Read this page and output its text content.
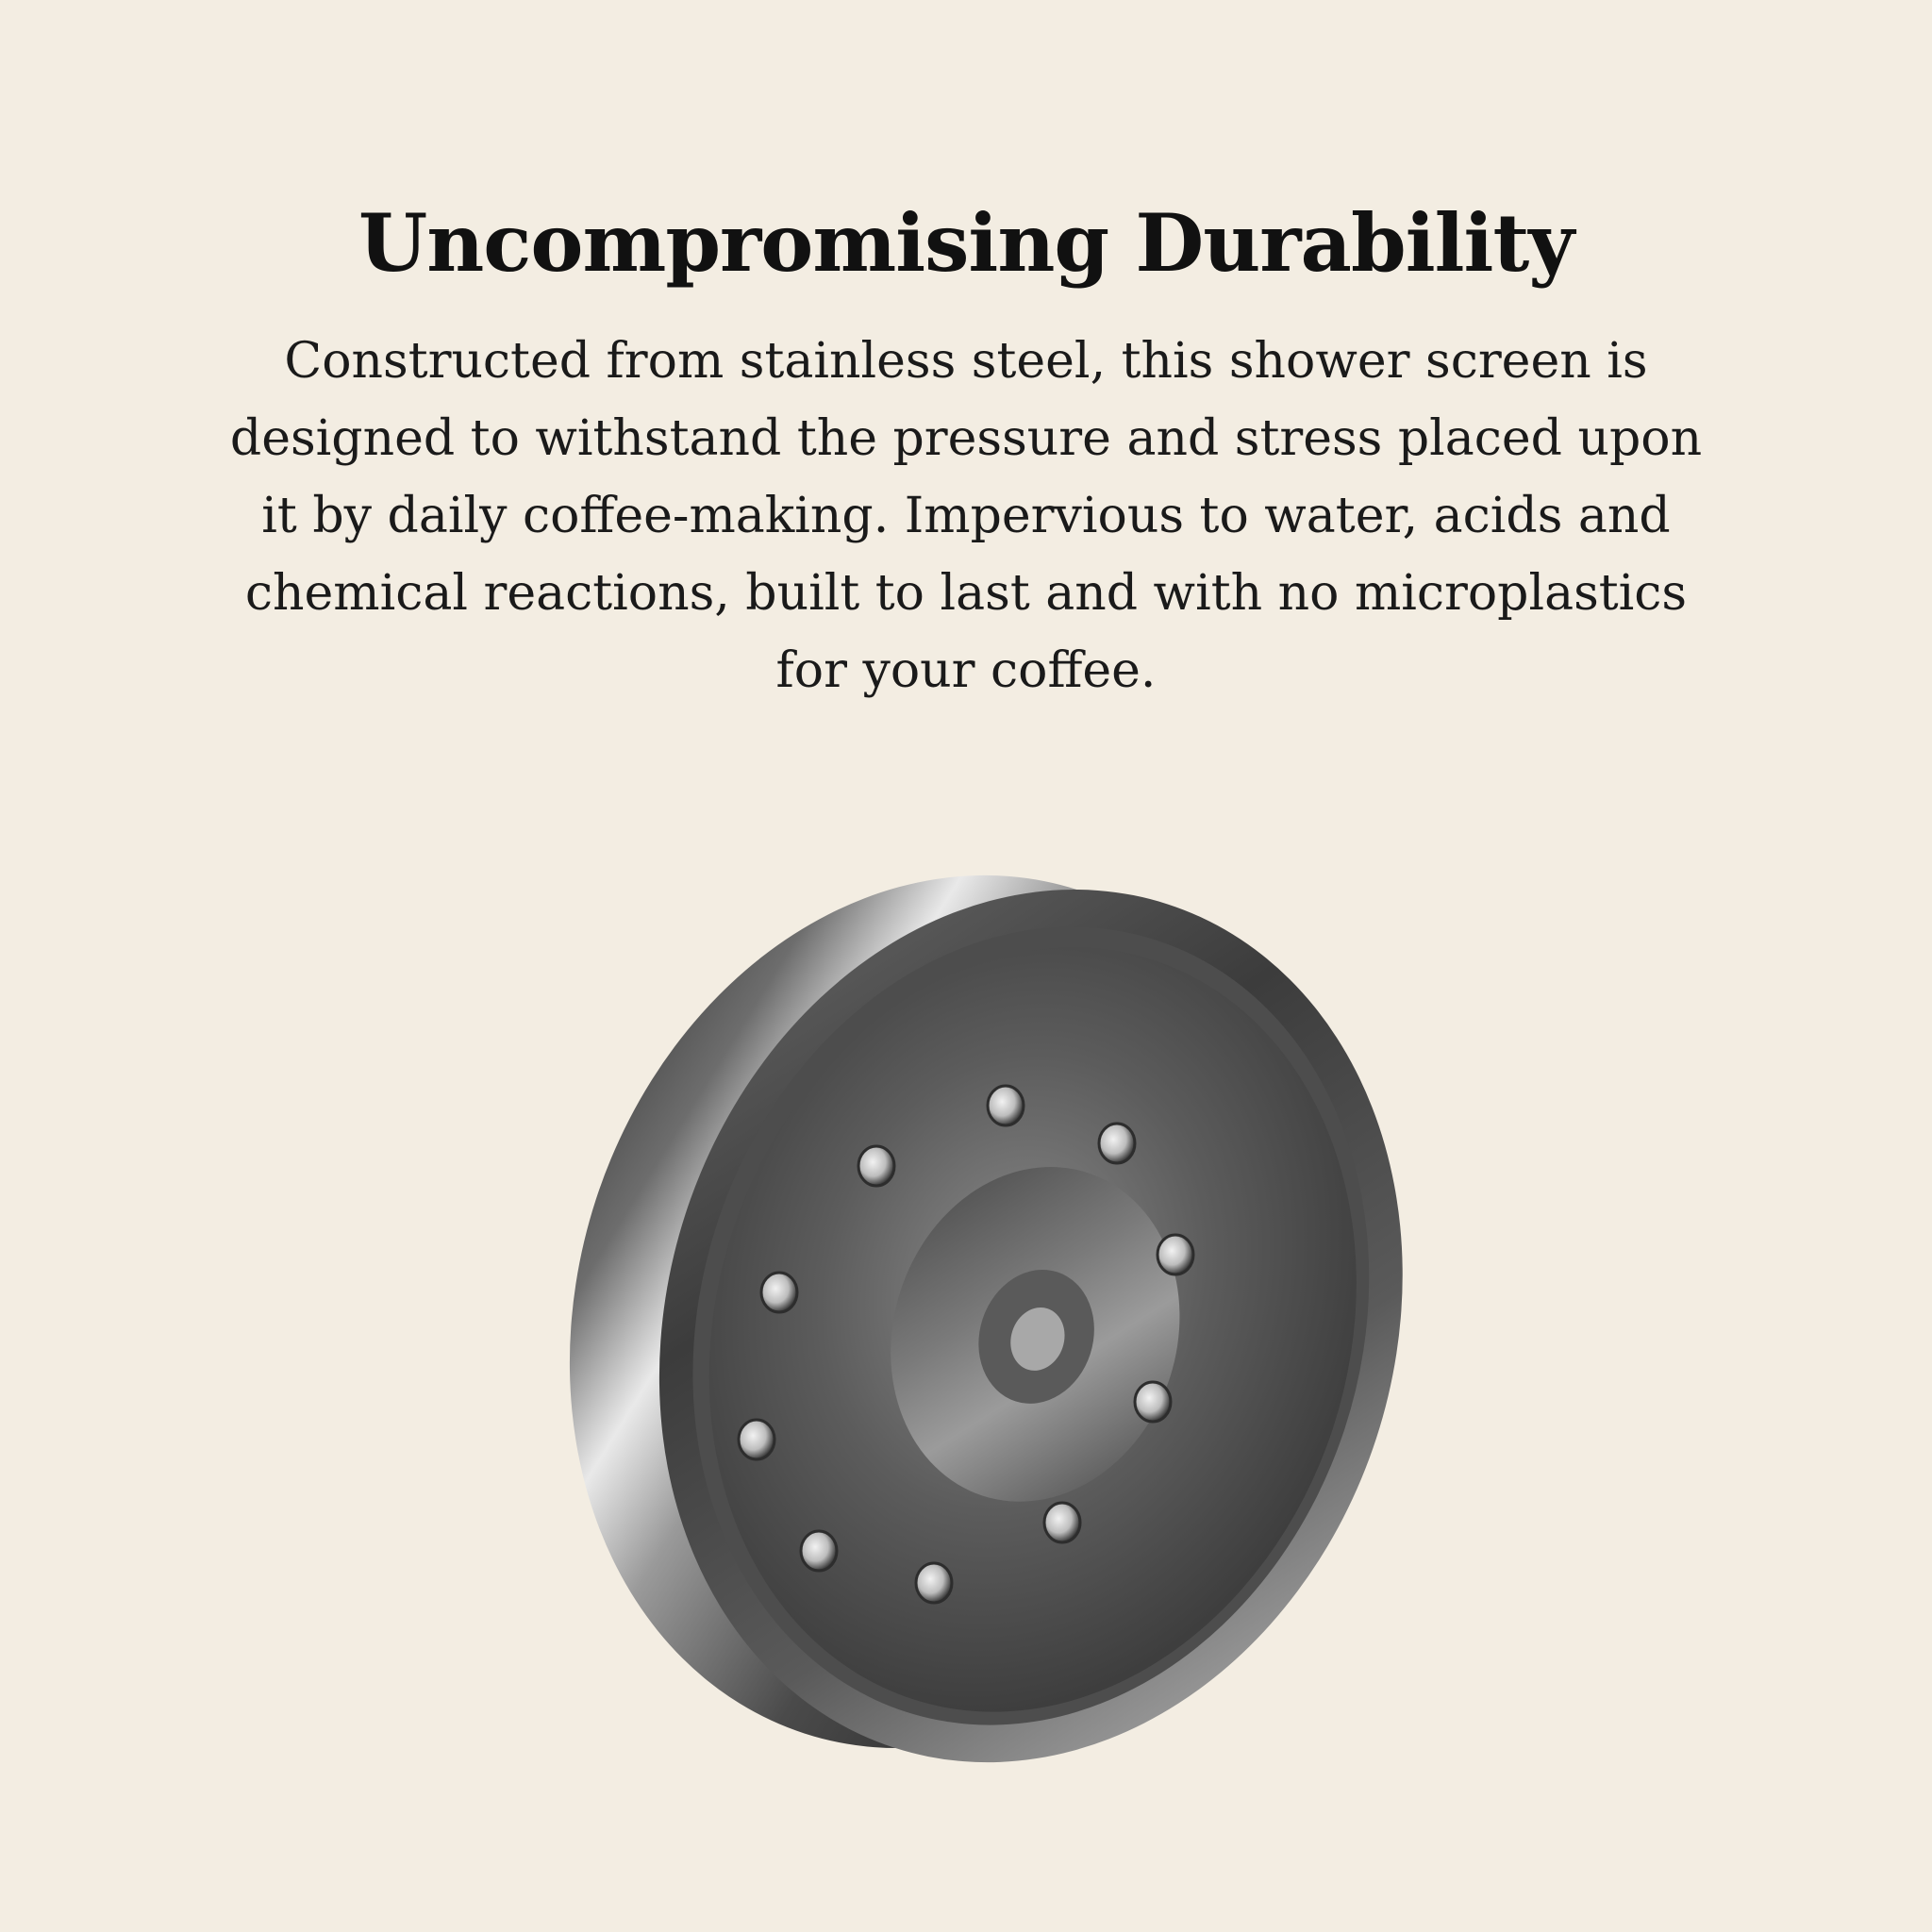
Uncompromising Durability

Constructed from stainless steel, this shower screen is designed to withstand the pressure and stress placed upon it by daily coffee-making. Impervious to water, acids and chemical reactions, built to last and with no microplastics for your coffee.
